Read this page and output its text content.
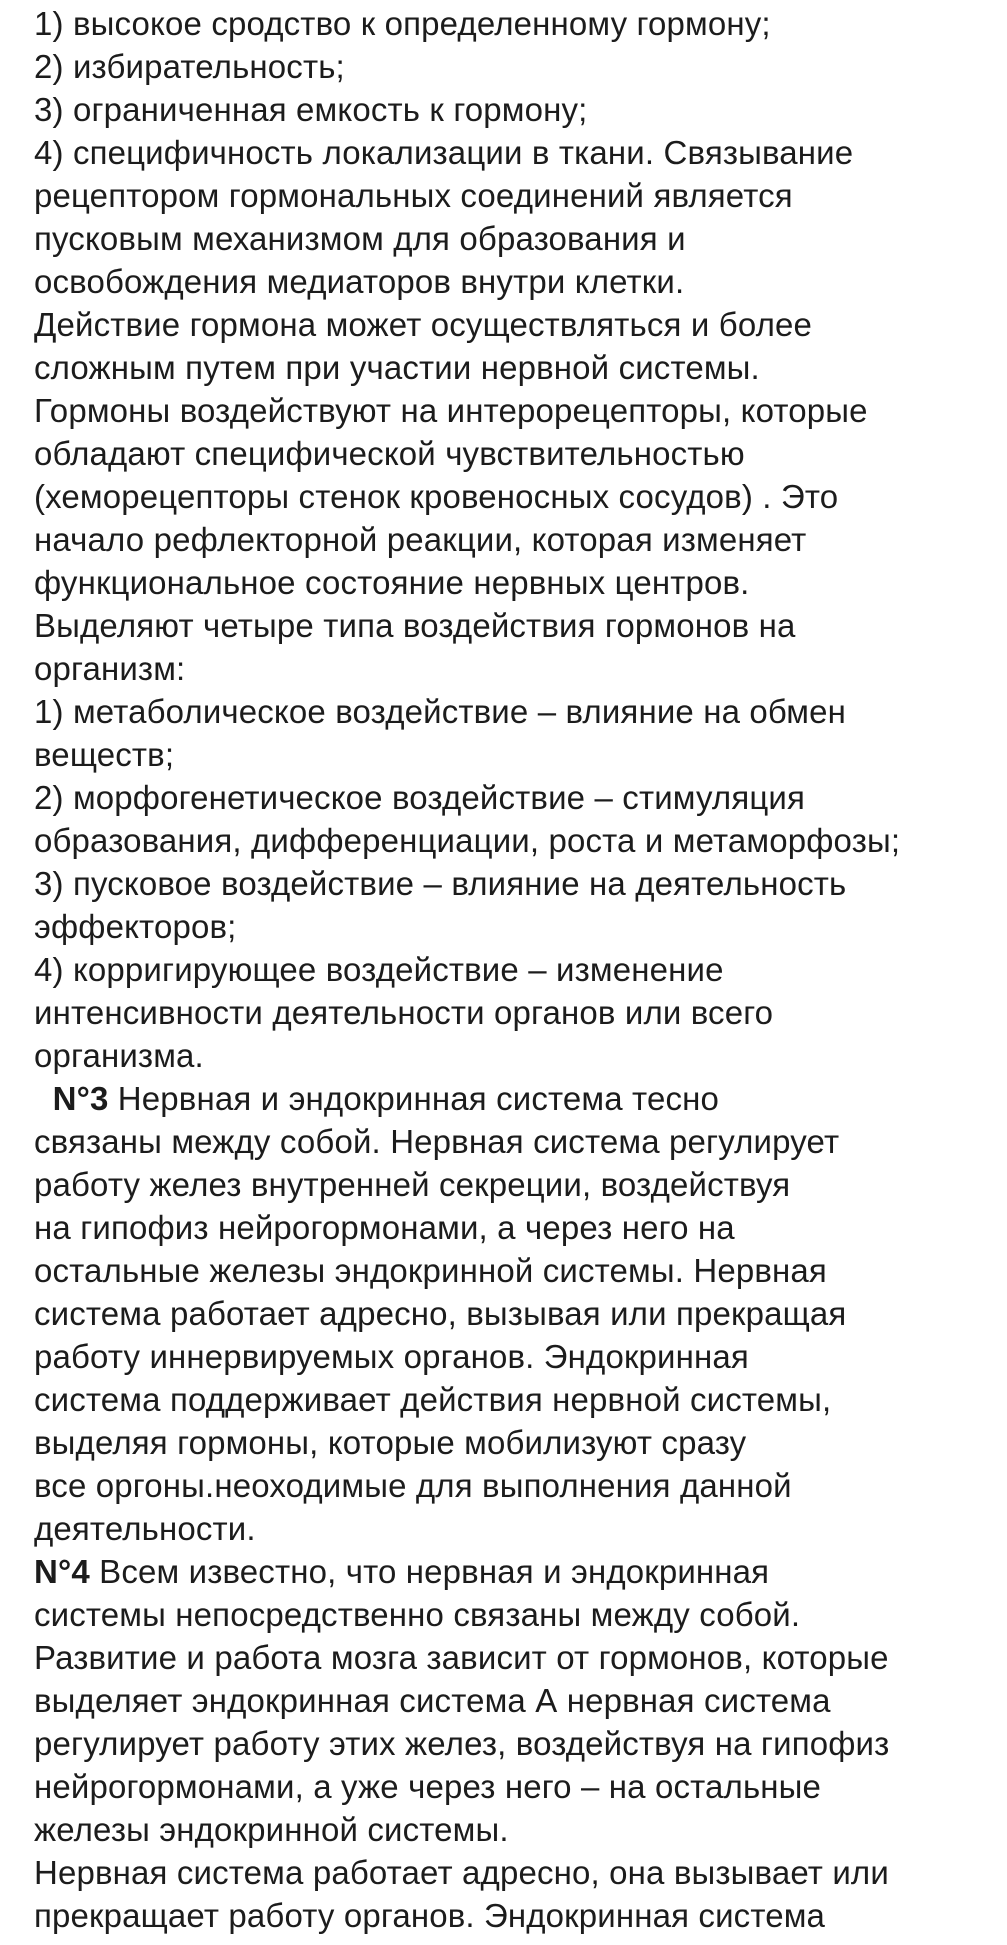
1) высокое сродство к определенному гормону;
2) избирательность;
3) ограниченная емкость к гормону;
4) специфичность локализации в ткани. Связывание
рецептором гормональных соединений является
пусковым механизмом для образования и
освобождения медиаторов внутри клетки.
Действие гормона может осуществляться и более
сложным путем при участии нервной системы.
Гормоны воздействуют на интерорецепторы, которые
обладают специфической чувствительностью
(хеморецепторы стенок кровеносных сосудов) . Это
начало рефлекторной реакции, которая изменяет
функциональное состояние нервных центров.
Выделяют четыре типа воздействия гормонов на
организм:
1) метаболическое воздействие – влияние на обмен
веществ;
2) морфогенетическое воздействие – стимуляция
образования, дифференциации, роста и метаморфозы;
3) пусковое воздействие – влияние на деятельность
эффекторов;
4) корригирующее воздействие – изменение
интенсивности деятельности органов или всего
организма.
N°3 Нервная и эндокринная система тесно
связаны между собой. Нервная система регулирует
работу желез внутренней секреции, воздействуя
на гипофиз нейрогормонами, а через него на
остальные железы эндокринной системы. Нервная
система работает адресно, вызывая или прекращая
работу иннервируемых органов. Эндокринная
система поддерживает действия нервной системы,
выделяя гормоны, которые мобилизуют сразу
все оргоны.неоходимые для выполнения данной
деятельности.
N°4 Всем известно, что нервная и эндокринная
системы непосредственно связаны между собой.
Развитие и работа мозга зависит от гормонов, которые
выделяет эндокринная система А нервная система
регулирует работу этих желез, воздействуя на гипофиз
нейрогормонами, а уже через него – на остальные
железы эндокринной системы.
Нервная система работает адресно, она вызывает или
прекращает работу органов. Эндокринная система
